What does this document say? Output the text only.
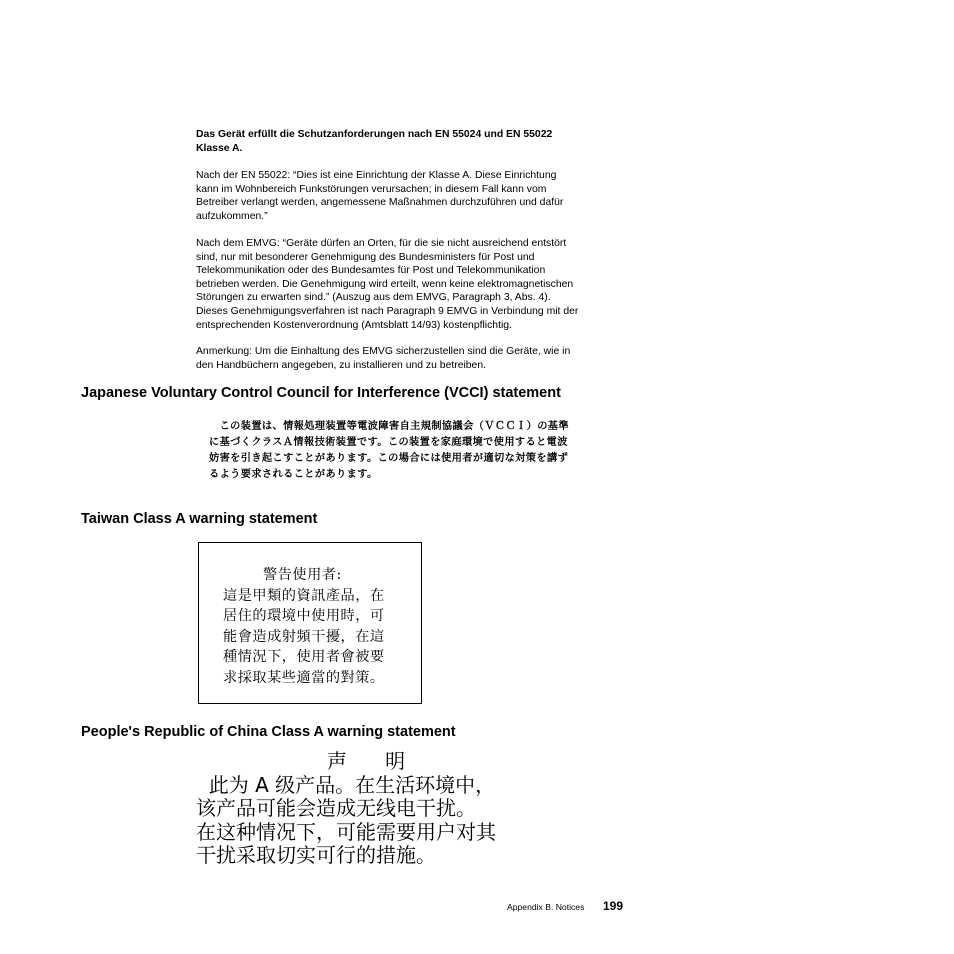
Das Gerät erfüllt die Schutzanforderungen nach EN 55024 und EN 55022
Klasse A.

Nach der EN 55022: “Dies ist eine Einrichtung der Klasse A. Diese Einrichtung
kann im Wohnbereich Funkstörungen verursachen; in diesem Fall kann vom
Betreiber verlangt werden, angemessene Maßnahmen durchzuführen und dafür
aufzukommen.”

Nach dem EMVG: “Geräte dürfen an Orten, für die sie nicht ausreichend entstört
sind, nur mit besonderer Genehmigung des Bundesministers für Post und
Telekommunikation oder des Bundesamtes für Post und Telekommunikation
betrieben werden. Die Genehmigung wird erteilt, wenn keine elektromagnetischen
Störungen zu erwarten sind.” (Auszug aus dem EMVG, Paragraph 3, Abs. 4).
Dieses Genehmigungsverfahren ist nach Paragraph 9 EMVG in Verbindung mit der
entsprechenden Kostenverordnung (Amtsblatt 14/93) kostenpflichtig.

Anmerkung: Um die Einhaltung des EMVG sicherzustellen sind die Geräte, wie in
den Handbüchern angegeben, zu installieren und zu betreiben.

Japanese Voluntary Control Council for Interference (VCCI) statement

　この装置は、情報処理装置等電波障害自主規制協議会（ＶＣＣＩ）の基準
に基づくクラスＡ情報技術装置です。この装置を家庭環境で使用すると電波
妨害を引き起こすことがあります。この場合には使用者が適切な対策を講ず
るよう要求されることがあります。

Taiwan Class A warning statement

警告使用者:
這是甲類的資訊產品，在
居住的環境中使用時，可
能會造成射頻干擾，在這
種情況下，使用者會被要
求採取某些適當的對策。

People's Republic of China Class A warning statement

声      明
此为 A 级产品。在生活环境中，
该产品可能会造成无线电干扰。
在这种情况下，可能需要用户对其
干扰采取切实可行的措施。

Appendix B. Notices 199
